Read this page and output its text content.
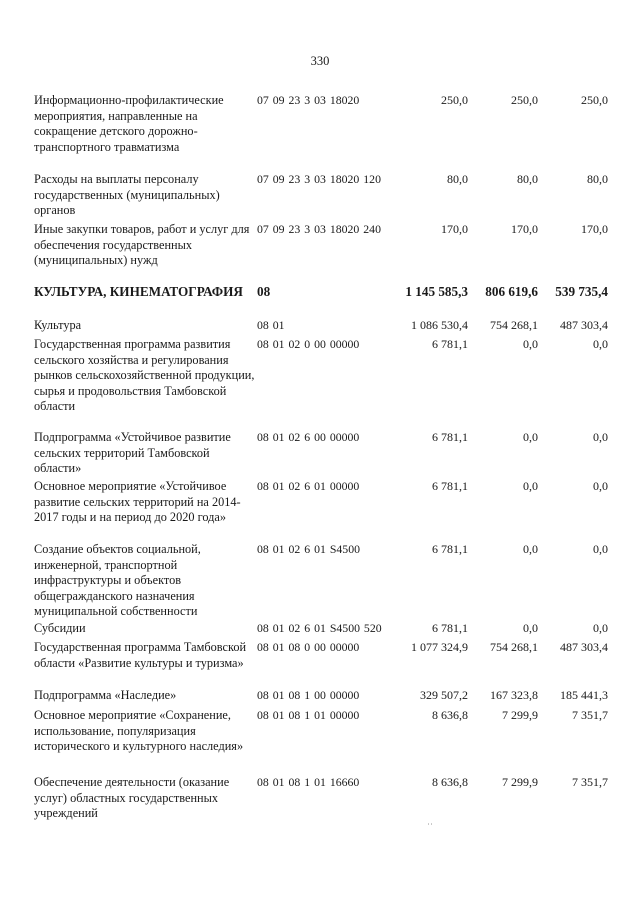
330
Информационно-профилактические мероприятия, направленные на сокращение детского дорожно-транспортного травматизма
07 09 23 3 03 18020	250,0	250,0	250,0
Расходы на выплаты персоналу государственных (муниципальных) органов
07 09 23 3 03 18020 120	80,0	80,0	80,0
Иные закупки товаров, работ и услуг для обеспечения государственных (муниципальных) нужд
07 09 23 3 03 18020 240	170,0	170,0	170,0
КУЛЬТУРА, КИНЕМАТОГРАФИЯ	08	1 145 585,3	806 619,6	539 735,4
Культура	08 01	1 086 530,4	754 268,1	487 303,4
Государственная программа развития сельского хозяйства и регулирования рынков сельскохозяйственной продукции, сырья и продовольствия Тамбовской области
08 01 02 0 00 00000	6 781,1	0,0	0,0
Подпрограмма «Устойчивое развитие сельских территорий Тамбовской области»
08 01 02 6 00 00000	6 781,1	0,0	0,0
Основное мероприятие «Устойчивое развитие сельских территорий на 2014-2017 годы и на период до 2020 года»
08 01 02 6 01 00000	6 781,1	0,0	0,0
Создание объектов социальной, инженерной, транспортной инфраструктуры и объектов общегражданского назначения муниципальной собственности
08 01 02 6 01 S4500	6 781,1	0,0	0,0
Субсидии	08 01 02 6 01 S4500 520	6 781,1	0,0	0,0
Государственная программа Тамбовской области «Развитие культуры и туризма»
08 01 08 0 00 00000	1 077 324,9	754 268,1	487 303,4
Подпрограмма «Наследие»	08 01 08 1 00 00000	329 507,2	167 323,8	185 441,3
Основное мероприятие «Сохранение, использование, популяризация исторического и культурного наследия»
08 01 08 1 01 00000	8 636,8	7 299,9	7 351,7
Обеспечение деятельности (оказание услуг) областных государственных учреждений
08 01 08 1 01 16660	8 636,8	7 299,9	7 351,7
˙˙
